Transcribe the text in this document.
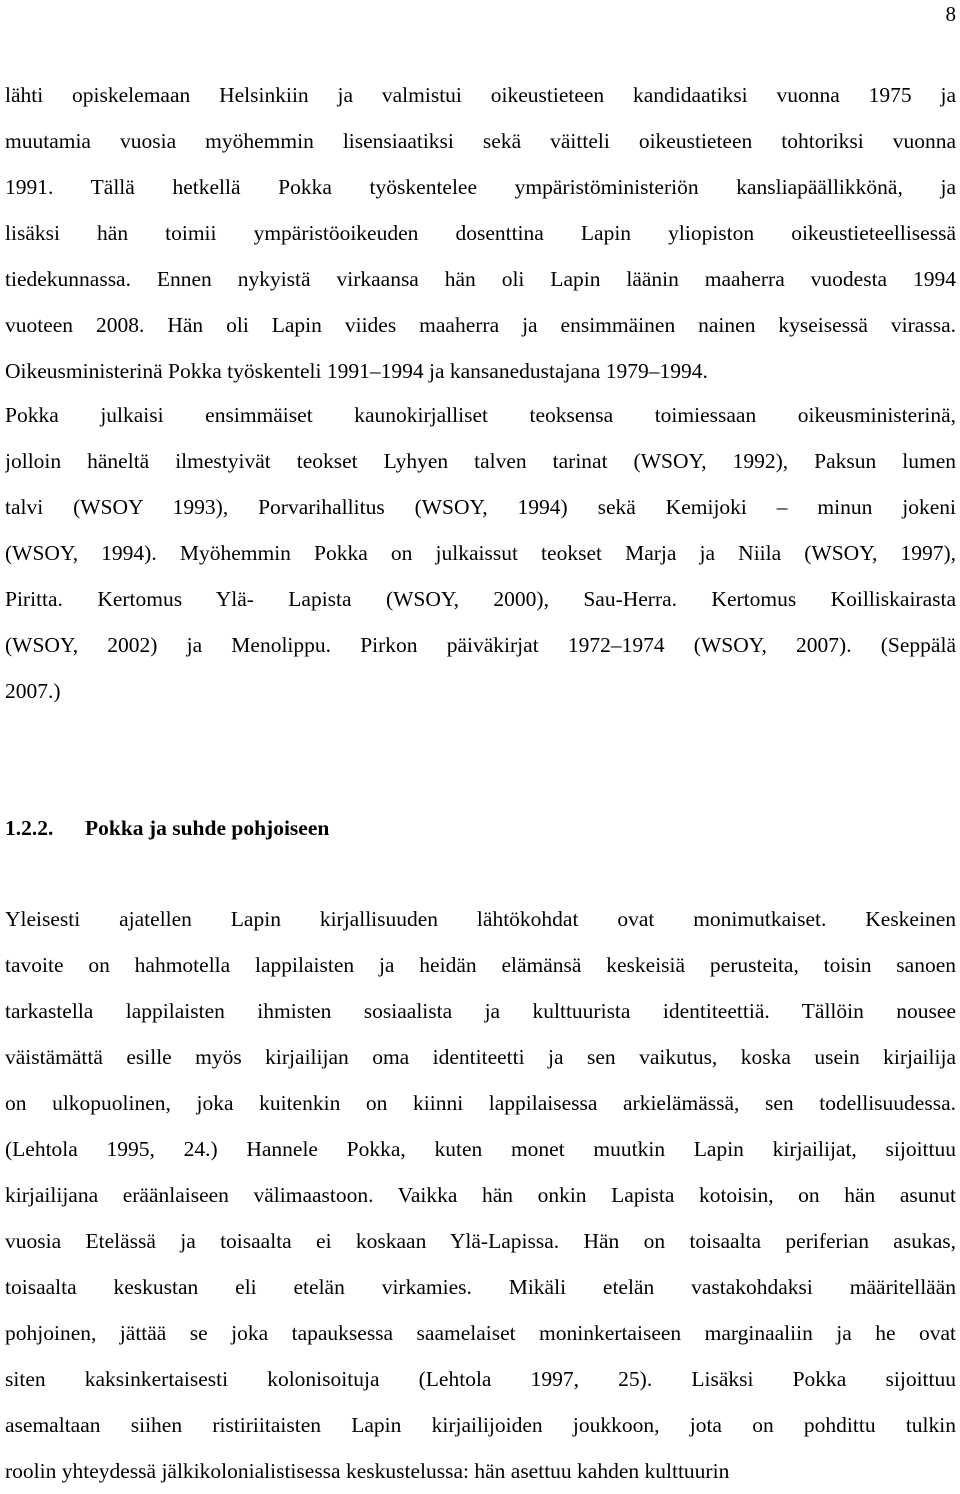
8
lähti opiskelemaan Helsinkiin ja valmistui oikeustieteen kandidaatiksi vuonna 1975 ja
muutamia vuosia myöhemmin lisensiaatiksi sekä väitteli oikeustieteen tohtoriksi vuonna
1991. Tällä hetkellä Pokka työskentelee ympäristöministeriön kansliapäällikkönä, ja
lisäksi hän toimii ympäristöoikeuden dosenttina Lapin yliopiston oikeustieteellisessä
tiedekunnassa. Ennen nykyistä virkaansa hän oli Lapin läänin maaherra vuodesta 1994
vuoteen 2008. Hän oli Lapin viides maaherra ja ensimmäinen nainen kyseisessä virassa.
Oikeusministerinä Pokka työskenteli 1991‒1994 ja kansanedustajana 1979‒1994.
Pokka julkaisi ensimmäiset kaunokirjalliset teoksensa toimiessaan oikeusministerinä,
jolloin häneltä ilmestyivät teokset Lyhyen talven tarinat (WSOY, 1992), Paksun lumen
talvi (WSOY 1993), Porvarihallitus (WSOY, 1994) sekä Kemijoki ‒ minun jokeni
(WSOY, 1994). Myöhemmin Pokka on julkaissut teokset Marja ja Niila (WSOY, 1997),
Piritta. Kertomus Ylä- Lapista (WSOY, 2000), Sau-Herra. Kertomus Koilliskairasta
(WSOY, 2002) ja Menolippu. Pirkon päiväkirjat 1972‒1974 (WSOY, 2007). (Seppälä
2007.)
1.2.2. Pokka ja suhde pohjoiseen
Yleisesti ajatellen Lapin kirjallisuuden lähtökohdat ovat monimutkaiset. Keskeinen
tavoite on hahmotella lappilaisten ja heidän elämänsä keskeisiä perusteita, toisin sanoen
tarkastella lappilaisten ihmisten sosiaalista ja kulttuurista identiteettiä. Tällöin nousee
väistämättä esille myös kirjailijan oma identiteetti ja sen vaikutus, koska usein kirjailija
on ulkopuolinen, joka kuitenkin on kiinni lappilaisessa arkielämässä, sen todellisuudessa.
(Lehtola 1995, 24.) Hannele Pokka, kuten monet muutkin Lapin kirjailijat, sijoittuu
kirjailijana eräänlaiseen välimaastoon. Vaikka hän onkin Lapista kotoisin, on hän asunut
vuosia Etelässä ja toisaalta ei koskaan Ylä-Lapissa. Hän on toisaalta periferian asukas,
toisaalta keskustan eli etelän virkamies. Mikäli etelän vastakohdaksi määritellään
pohjoinen, jättää se joka tapauksessa saamelaiset moninkertaiseen marginaaliin ja he ovat
siten kaksinkertaisesti kolonisoituja (Lehtola 1997, 25). Lisäksi Pokka sijoittuu
asemaltaan siihen ristiriitaisten Lapin kirjailijoiden joukkoon, jota on pohdittu tulkin
roolin yhteydessä jälkikolonialistisessa keskustelussa: hän asettuu kahden kulttuurin
